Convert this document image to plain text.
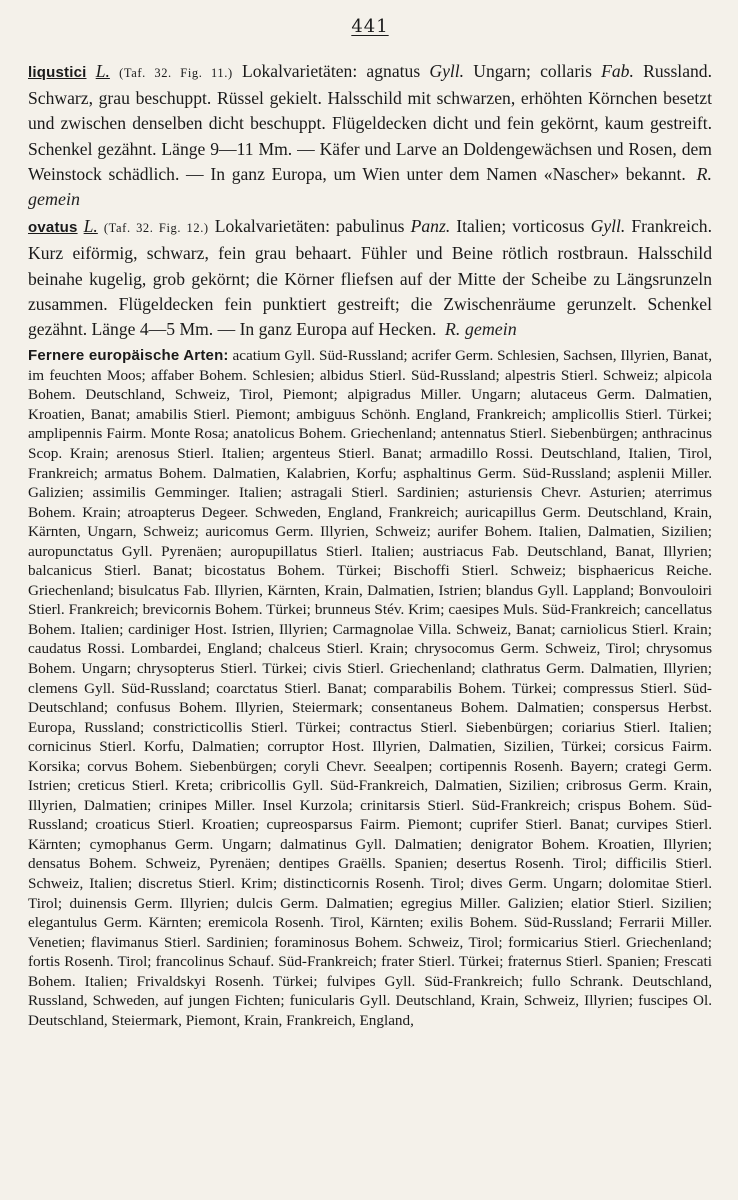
441

liqustici L. (Taf. 32. Fig. 11.) Lokalvarietäten: agnatus Gyll. Ungarn; collaris Fab. Russland. Schwarz, grau beschuppt. Rüssel gekielt. Halsschild mit schwarzen, erhöhten Körnchen besetzt und zwischen denselben dicht beschuppt. Flügeldecken dicht und fein gekörnt, kaum gestreift. Schenkel gezähnt. Länge 9—11 Mm. — Käfer und Larve an Doldengewächsen und Rosen, dem Weinstock schädlich. — In ganz Europa, um Wien unter dem Namen «Nascher» bekannt. R. gemein

ovatus L. (Taf. 32. Fig. 12.) Lokalvarietäten: pabulinus Panz. Italien; vorticosus Gyll. Frankreich. Kurz eiförmig, schwarz, fein grau behaart. Fühler und Beine rötlich rostbraun. Halsschild beinahe kugelig, grob gekörnt; die Körner fliefsen auf der Mitte der Scheibe zu Längsrunzeln zusammen. Flügeldecken fein punktiert gestreift; die Zwischenräume gerunzelt. Schenkel gezähnt. Länge 4—5 Mm. — In ganz Europa auf Hecken. R. gemein

Fernere europäische Arten: acatium Gyll. Süd-Russland; acrifer Germ. Schlesien, Sachsen, Illyrien, Banat, im feuchten Moos; affaber Bohem. Schlesien; albidus Stierl. Süd-Russland; alpestris Stierl. Schweiz; alpicola Bohem. Deutschland, Schweiz, Tirol, Piemont; alpigradus Miller. Ungarn; alutaceus Germ. Dalmatien, Kroatien, Banat; amabilis Stierl. Piemont; ambiguus Schönh. England, Frankreich; amplicollis Stierl. Türkei; amplipennis Fairm. Monte Rosa; anatolicus Bohem. Griechenland; antennatus Stierl. Siebenbürgen; anthracinus Scop. Krain; arenosus Stierl. Italien; argenteus Stierl. Banat; armadillo Rossi. Deutschland, Italien, Tirol, Frankreich; armatus Bohem. Dalmatien, Kalabrien, Korfu; asphaltinus Germ. Süd-Russland; asplenii Miller. Galizien; assimilis Gemminger. Italien; astragali Stierl. Sardinien; asturiensis Chevr. Asturien; aterrimus Bohem. Krain; atroapterus Degeer. Schweden, England, Frankreich; auricapillus Germ. Deutschland, Krain, Kärnten, Ungarn, Schweiz; auricomus Germ. Illyrien, Schweiz; aurifer Bohem. Italien, Dalmatien, Sizilien; auropunctatus Gyll. Pyrenäen; auropupillatus Stierl. Italien; austriacus Fab. Deutschland, Banat, Illyrien; balcanicus Stierl. Banat; bicostatus Bohem. Türkei; Bischoffi Stierl. Schweiz; bisphaericus Reiche. Griechenland; bisulcatus Fab. Illyrien, Kärnten, Krain, Dalmatien, Istrien; blandus Gyll. Lappland; Bonvouloiri Stierl. Frankreich; brevicornis Bohem. Türkei; brunneus Stév. Krim; caesipes Muls. Süd-Frankreich; cancellatus Bohem. Italien; cardiniger Host. Istrien, Illyrien; Carmagnolae Villa. Schweiz, Banat; carniolicus Stierl. Krain; caudatus Rossi. Lombardei, England; chalceus Stierl. Krain; chrysocomus Germ. Schweiz, Tirol; chrysomus Bohem. Ungarn; chrysopterus Stierl. Türkei; civis Stierl. Griechenland; clathratus Germ. Dalmatien, Illyrien; clemens Gyll. Süd-Russland; coarctatus Stierl. Banat; comparabilis Bohem. Türkei; compressus Stierl. Süd-Deutschland; confusus Bohem. Illyrien, Steiermark; consentaneus Bohem. Dalmatien; conspersus Herbst. Europa, Russland; constricticollis Stierl. Türkei; contractus Stierl. Siebenbürgen; coriarius Stierl. Italien; cornicinus Stierl. Korfu, Dalmatien; corruptor Host. Illyrien, Dalmatien, Sizilien, Türkei; corsicus Fairm. Korsika; corvus Bohem. Siebenbürgen; coryli Chevr. Seealpen; cortipennis Rosenh. Bayern; crategi Germ. Istrien; creticus Stierl. Kreta; cribricollis Gyll. Süd-Frankreich, Dalmatien, Sizilien; cribrosus Germ. Krain, Illyrien, Dalmatien; crinipes Miller. Insel Kurzola; crinitarsis Stierl. Süd-Frankreich; crispus Bohem. Süd-Russland; croaticus Stierl. Kroatien; cupreosparsus Fairm. Piemont; cuprifer Stierl. Banat; curvipes Stierl. Kärnten; cymophanus Germ. Ungarn; dalmatinus Gyll. Dalmatien; denigrator Bohem. Kroatien, Illyrien; densatus Bohem. Schweiz, Pyrenäen; dentipes Graëlls. Spanien; desertus Rosenh. Tirol; difficilis Stierl. Schweiz, Italien; discretus Stierl. Krim; distincticornis Rosenh. Tirol; dives Germ. Ungarn; dolomitae Stierl. Tirol; duinensis Germ. Illyrien; dulcis Germ. Dalmatien; egregius Miller. Galizien; elatior Stierl. Sizilien; elegantulus Germ. Kärnten; eremicola Rosenh. Tirol, Kärnten; exilis Bohem. Süd-Russland; Ferrarii Miller. Venetien; flavimanus Stierl. Sardinien; foraminosus Bohem. Schweiz, Tirol; formicarius Stierl. Griechenland; fortis Rosenh. Tirol; francolinus Schauf. Süd-Frankreich; frater Stierl. Türkei; fraternus Stierl. Spanien; Frescati Bohem. Italien; Frivaldskyi Rosenh. Türkei; fulvipes Gyll. Süd-Frankreich; fullo Schrank. Deutschland, Russland, Schweden, auf jungen Fichten; funicularis Gyll. Deutschland, Krain, Schweiz, Illyrien; fuscipes Ol. Deutschland, Steiermark, Piemont, Krain, Frankreich, England,
